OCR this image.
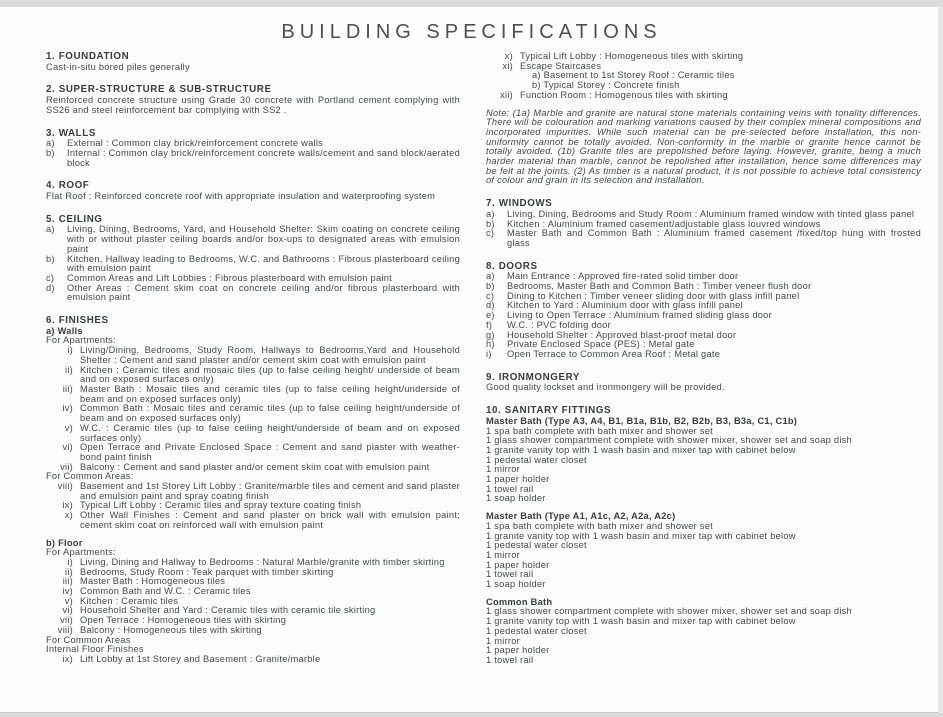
BUILDING SPECIFICATIONS
1. FOUNDATION
Cast-in-situ bored piles generally
2. SUPER-STRUCTURE & SUB-STRUCTURE
Reinforced concrete structure using Grade 30 concrete with Portland cement complying with SS26 and steel reinforcement bar complying with SS2 .
3. WALLS
a)	External : Common clay brick/reinforcement concrete walls
b)	Internal : Common clay brick/reinforcement concrete walls/cement and sand block/aerated block
4. ROOF
Flat Roof : Reinforced concrete roof with appropriate insulation and waterproofing system
5. CEILING
a)	Living, Dining, Bedrooms, Yard, and Household Shelter: Skim coating on concrete ceiling with or without plaster ceiling boards and/or box-ups to designated areas with emulsion paint
b)	Kitchen, Hallway leading to Bedrooms, W.C. and Bathrooms : Fibrous plasterboard ceiling with emulsion paint
c)	Common Areas and Lift Lobbies : Fibrous plasterboard with emulsion paint
d)	Other Areas : Cement skim coat on concrete ceiling and/or fibrous plasterboard with emulsion paint
6. FINISHES
a) Walls
For Apartments:
i) Living/Dining, Bedrooms, Study Room, Hallways to Bedrooms,Yard and Household Shelter : Cement and sand plaster and/or cement skim coat with emulsion paint
ii) Kitchen : Ceramic tiles and mosaic tiles (up to false ceiling height/ underside of beam and on exposed surfaces only)
iii) Master Bath : Mosaic tiles and ceramic tiles (up to false ceiling height/underside of beam and on exposed surfaces only)
iv) Common Bath : Mosaic tiles and ceramic tiles (up to false ceiling height/underside of beam and on exposed surfaces only)
v) W.C. : Ceramic tiles (up to false ceiling height/underside of beam and on exposed surfaces only)
vi) Open Terrace and Private Enclosed Space : Cement and sand plaster with weather-bond paint finish
vii) Balcony : Cement and sand plaster and/or cement skim coat with emulsion paint
For Common Areas:
viii) Basement and 1st Storey Lift Lobby : Granite/marble tiles and cement and sand plaster and emulsion paint and spray coating finish
ix) Typical Lift Lobby : Ceramic tiles and spray texture coating finish
x) Other Wall Finishes : Cement and sand plaster on brick wall with emulsion paint; cement skim coat on reinforced wall with emulsion paint
b) Floor
For Apartments:
i) Living, Dining and Hallway to Bedrooms : Natural Marble/granite with timber skirting
ii) Bedrooms, Study Room : Teak parquet with timber skirting
iii) Master Bath : Homogeneous tiles
iv) Common Bath and W.C. : Ceramic tiles
v) Kitchen : Ceramic tiles
vi) Household Shelter and Yard : Ceramic tiles with ceramic tile skirting
vii) Open Terrace : Homogeneous tiles with skirting
viii) Balcony : Homogeneous tiles with skirting
For Common Areas
Internal Floor Finishes
ix) Lift Lobby at 1st Storey and Basement : Granite/marble
x) Typical Lift Lobby : Homogeneous tiles with skirting
xi) Escape Staircases
a) Basement to 1st Storey Roof : Ceramic tiles
b) Typical Storey : Concrete finish
xii) Function Room : Homogenous tiles with skirting
Note: (1a) Marble and granite are natural stone materials containing veins with tonality differences. There will be colouration and marking variations caused by their complex mineral compositions and incorporated impurities. While such material can be pre-selected before installation, this non-uniformity cannot be totally avoided. Non-conformity in the marble or granite hence cannot be totally avoided. (1b) Granite tiles are prepolished before laying. However, granite, being a much harder material than marble, cannot be repolished after installation, hence some differences may be felt at the joints. (2) As timber is a natural product, it is not possible to achieve total consistency of colour and grain in its selection and installation.
7. WINDOWS
a)	Living, Dining, Bedrooms and Study Room : Aluminium framed window with tinted glass panel
b)	Kitchen : Aluminium framed casement/adjustable glass louvred windows
c)	Master Bath and Common Bath : Aluminium framed casement /fixed/top hung with frosted glass
8. DOORS
a)	Main Entrance : Approved fire-rated solid timber door
b)	Bedrooms, Master Bath and Common Bath : Timber veneer flush door
c)	Dining to Kitchen : Timber veneer sliding door with glass infill panel
d)	Kitchen to Yard : Aluminium door with glass infill panel
e)	Living to Open Terrace : Aluminium framed sliding glass door
f)	W.C. : PVC folding door
g)	Household Shelter : Approved blast-proof metal door
h)	Private Enclosed Space (PES) : Metal gate
i)	Open Terrace to Common Area Roof : Metal gate
9. IRONMONGERY
Good quality lockset and ironmongery will be provided.
10. SANITARY FITTINGS
Master Bath (Type A3, A4, B1, B1a, B1b, B2, B2b, B3, B3a, C1, C1b)
1 spa bath complete with bath mixer and shower set
1 glass shower compartment complete with shower mixer, shower set and soap dish
1 granite vanity top with 1 wash basin and mixer tap with cabinet below
1 pedestal water closet
1 mirror
1 paper holder
1 towel rail
1 soap holder
Master Bath (Type A1, A1c, A2, A2a, A2c)
1 spa bath complete with bath mixer and shower set
1 granite vanity top with 1 wash basin and mixer tap with cabinet below
1 pedestal water closet
1 mirror
1 paper holder
1 towel rail
1 soap holder
Common Bath
1 glass shower compartment complete with shower mixer, shower set and soap dish
1 granite vanity top with 1 wash basin and mixer tap with cabinet below
1 pedestal water closet
1 mirror
1 paper holder
1 towel rail
